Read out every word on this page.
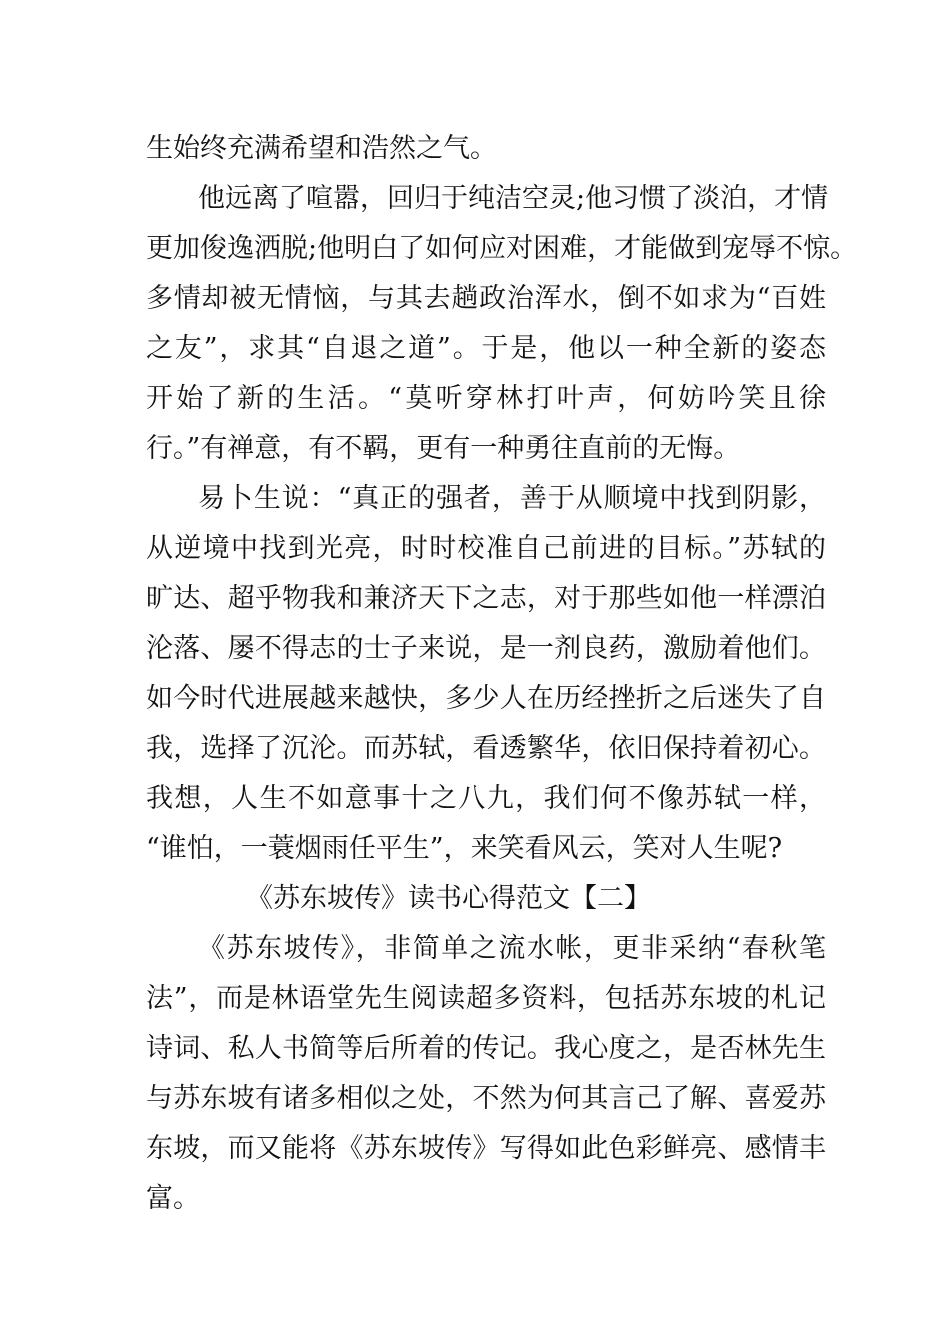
生始终充满希望和浩然之气。
他远离了喧嚣，回归于纯洁空灵;他习惯了淡泊，才情
更加俊逸洒脱;他明白了如何应对困难，才能做到宠辱不惊。
多情却被无情恼，与其去趟政治浑水，倒不如求为“百姓
之友”，求其“自退之道”。于是，他以一种全新的姿态
开始了新的生活。“莫听穿林打叶声，何妨吟笑且徐
行。”有禅意，有不羁，更有一种勇往直前的无悔。
易卜生说：“真正的强者，善于从顺境中找到阴影，
从逆境中找到光亮，时时校准自己前进的目标。”苏轼的
旷达、超乎物我和兼济天下之志，对于那些如他一样漂泊
沦落、屡不得志的士子来说，是一剂良药，激励着他们。
如今时代进展越来越快，多少人在历经挫折之后迷失了自
我，选择了沉沦。而苏轼，看透繁华，依旧保持着初心。
我想，人生不如意事十之八九，我们何不像苏轼一样，
“谁怕，一蓑烟雨任平生”，来笑看风云，笑对人生呢?
《苏东坡传》读书心得范文【二】
《苏东坡传》，非简单之流水帐，更非采纳“春秋笔
法”，而是林语堂先生阅读超多资料，包括苏东坡的札记
诗词、私人书简等后所着的传记。我心度之，是否林先生
与苏东坡有诸多相似之处，不然为何其言己了解、喜爱苏
东坡，而又能将《苏东坡传》写得如此色彩鲜亮、感情丰
富。
